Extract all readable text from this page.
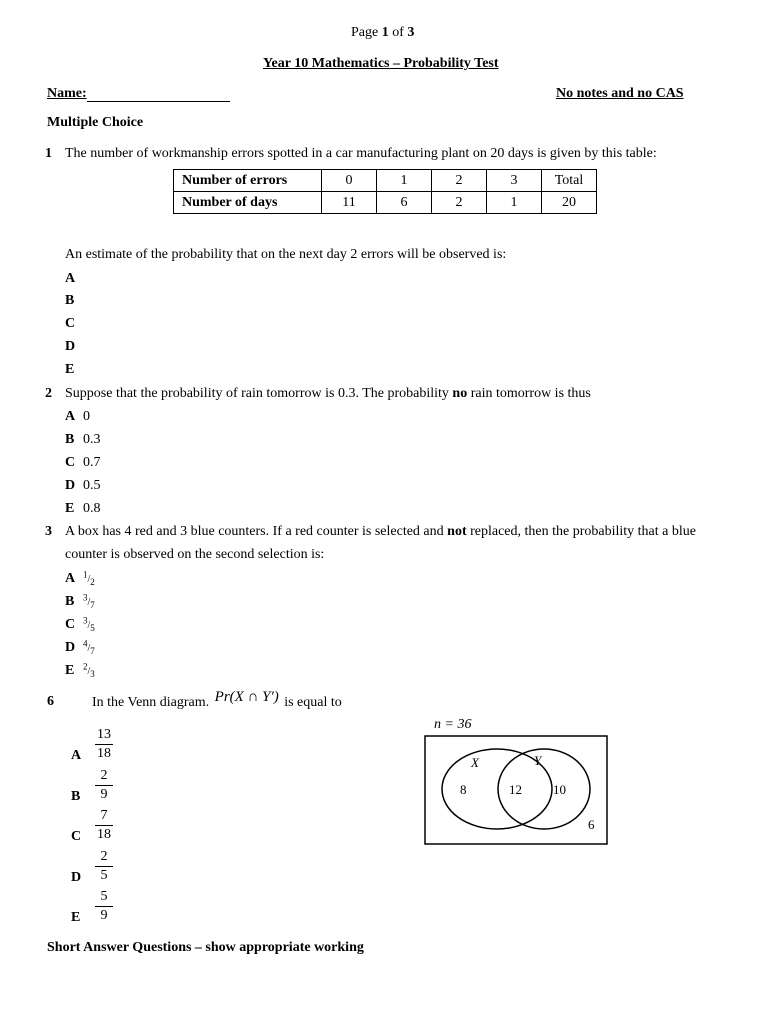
Page 1 of 3
Year 10 Mathematics – Probability Test
Name:	No notes and no CAS
Multiple Choice
1 The number of workmanship errors spotted in a car manufacturing plant on 20 days is given by this table:
Number of errors	0	1	2	3	Total
Number of days	11	6	2	1	20
An estimate of the probability that on the next day 2 errors will be observed is:
A
B
C
D
E
2 Suppose that the probability of rain tomorrow is 0.3. The probability no rain tomorrow is thus
A 0
B 0.3
C 0.7
D 0.5
E 0.8
3 A box has 4 red and 3 blue counters. If a red counter is selected and not replaced, then the probability that a blue
counter is observed on the second selection is:
A $^1/_2$
B $^3/_7$
C $^3/_5$
D $^4/_7$
E $^2/_3$
6	In the Venn diagram. Pr(X ∩ Y') is equal to
A
13
18
B
2
9
C
7
18
D
2
5
E
5
9
n = 36
X	Y
8	12 10
6
Short Answer Questions – show appropriate working
